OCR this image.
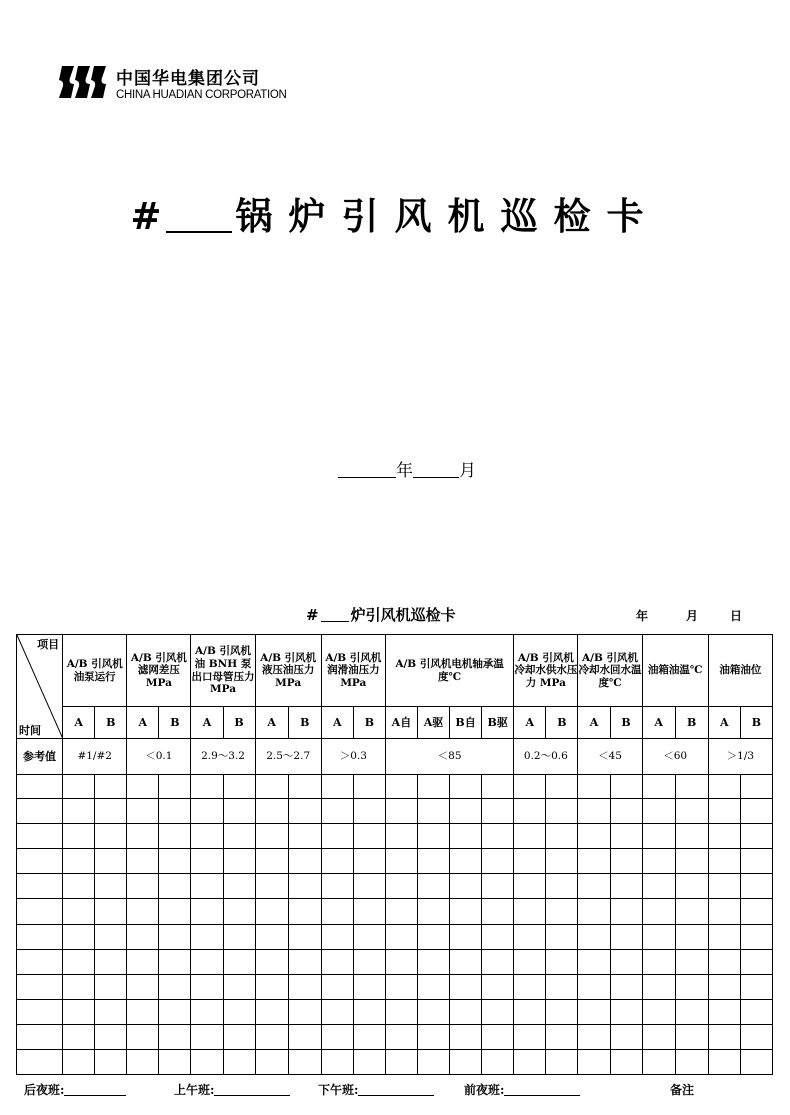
中国华电集团公司
CHINA HUADIAN CORPORATION
# 锅炉引风机巡检卡
年	月
# 炉引风机巡检卡	年	月	日
项目
时间	A/B 引风机油泵运行		A/B 引风机滤网差压 MPa		A/B 引风机油 BNH 泵出口母管压力 MPa		A/B 引风机液压油压力 MPa		A/B 引风机润滑油压力 MPa		A/B 引风机电机轴承温度℃				A/B 引风机冷却水供水压力 MPa		A/B 引风机冷却水回水温度℃		油箱油温℃		油箱油位	
	A	B	A	B	A	B	A	B	A	B	A自	A驱	B自	B驱	A	B	A	B	A	B	A	B
参考值	#1/#2		＜0.1		2.9～3.2		2.5～2.7		＞0.3		＜85				0.2～0.6		＜45		＜60		＞1/3	

后夜班:	上午班:	下午班:	前夜班:	备注
